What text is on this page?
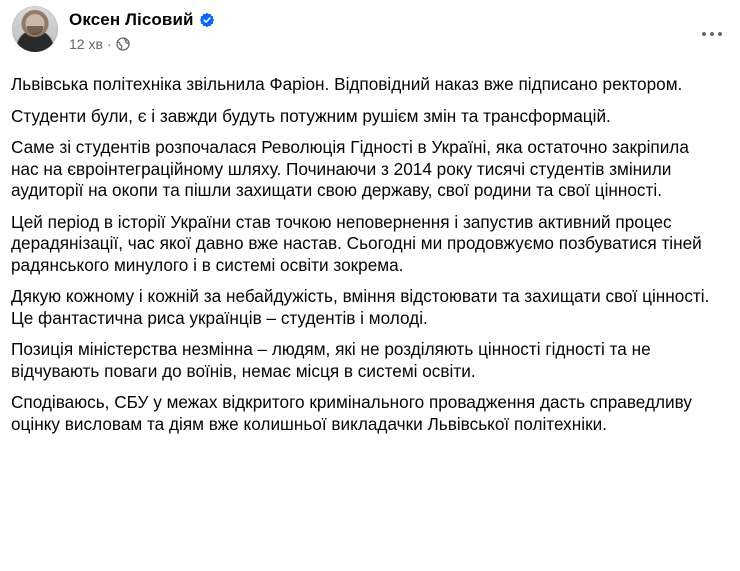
Оксен Лісовий
12 хв ·

Львівська політехніка звільнила Фаріон. Відповідний наказ вже підписано ректором.

Студенти були, є і завжди будуть потужним рушієм змін та трансформацій.

Саме зі студентів розпочалася Революція Гідності в Україні, яка остаточно закріпила нас на євроінтеграційному шляху. Починаючи з 2014 року тисячі студентів змінили аудиторії на окопи та пішли захищати свою державу, свої родини та свої цінності.

Цей період в історії України став точкою неповернення і запустив активний процес дерадянізації, час якої давно вже настав. Сьогодні ми продовжуємо позбуватися тіней радянського минулого і в системі освіти зокрема.

Дякую кожному і кожній за небайдужість, вміння відстоювати та захищати свої цінності. Це фантастична риса українців – студентів і молоді.

Позиція міністерства незмінна – людям, які не розділяють цінності гідності та не відчувають поваги до воїнів, немає місця в системі освіти.

Сподіваюсь, СБУ у межах відкритого кримінального провадження дасть справедливу оцінку висловам та діям вже колишньої викладачки Львівської політехніки.
